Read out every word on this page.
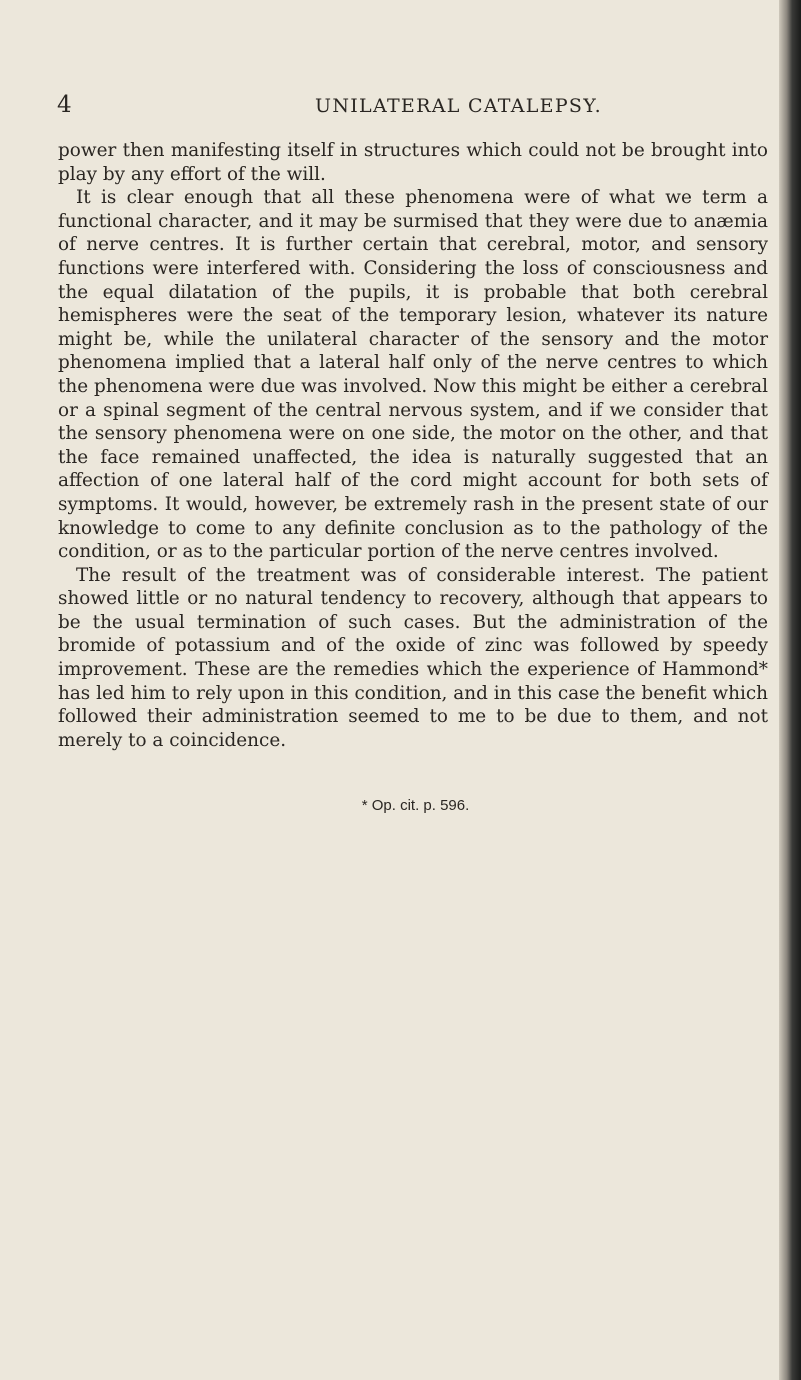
4	UNILATERAL CATALEPSY.

power then manifesting itself in structures which could not be brought into play by any effort of the will.

It is clear enough that all these phenomena were of what we term a functional character, and it may be surmised that they were due to anæmia of nerve centres. It is further certain that cerebral, motor, and sensory functions were interfered with. Considering the loss of consciousness and the equal dilatation of the pupils, it is probable that both cerebral hemispheres were the seat of the temporary lesion, whatever its nature might be, while the unilateral character of the sensory and the motor phenomena implied that a lateral half only of the nerve centres to which the phenomena were due was involved. Now this might be either a cerebral or a spinal segment of the central nervous system, and if we consider that the sensory phenomena were on one side, the motor on the other, and that the face remained unaffected, the idea is naturally suggested that an affection of one lateral half of the cord might account for both sets of symptoms. It would, however, be extremely rash in the present state of our knowledge to come to any definite conclusion as to the pathology of the condition, or as to the particular portion of the nerve centres involved.

The result of the treatment was of considerable interest. The patient showed little or no natural tendency to recovery, although that appears to be the usual termination of such cases. But the administration of the bromide of potassium and of the oxide of zinc was followed by speedy improvement. These are the remedies which the experience of Hammond* has led him to rely upon in this condition, and in this case the benefit which followed their administration seemed to me to be due to them, and not merely to a coincidence.

* Op. cit. p. 596.
